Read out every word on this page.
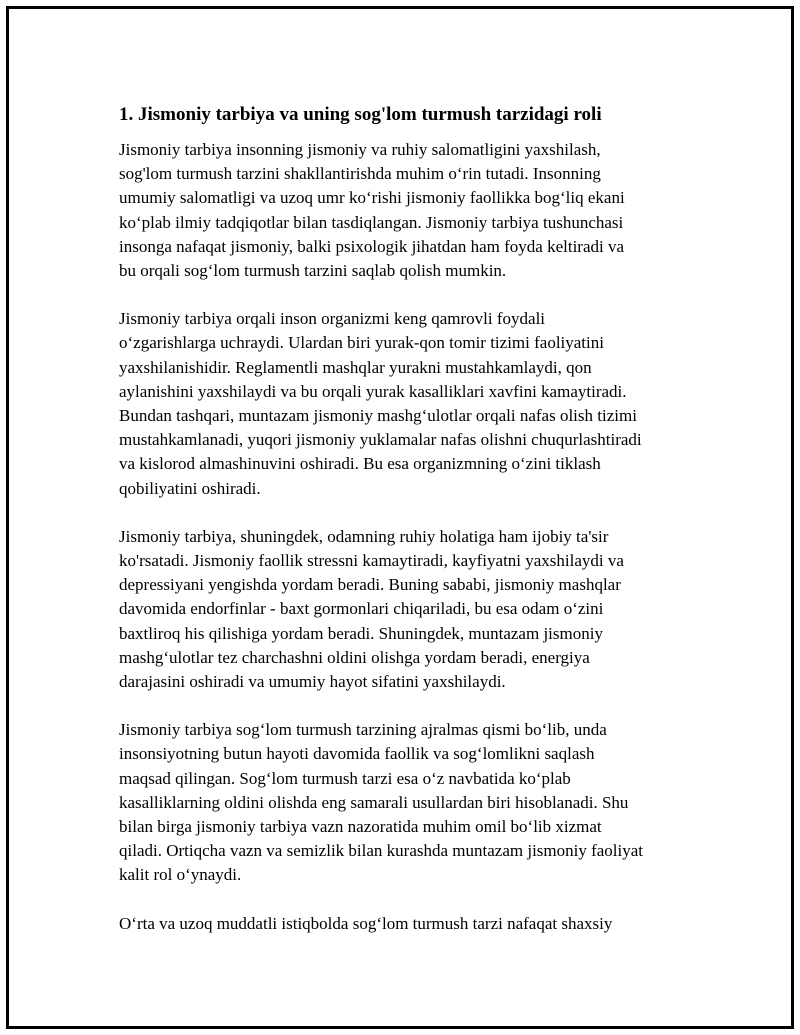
1. Jismoniy tarbiya va uning sog'lom turmush tarzidagi roli

Jismoniy tarbiya insonning jismoniy va ruhiy salomatligini yaxshilash,
sog'lom turmush tarzini shakllantirishda muhim o‘rin tutadi. Insonning
umumiy salomatligi va uzoq umr ko‘rishi jismoniy faollikka bog‘liq ekani
ko‘plab ilmiy tadqiqotlar bilan tasdiqlangan. Jismoniy tarbiya tushunchasi
insonga nafaqat jismoniy, balki psixologik jihatdan ham foyda keltiradi va
bu orqali sog‘lom turmush tarzini saqlab qolish mumkin.

Jismoniy tarbiya orqali inson organizmi keng qamrovli foydali
o‘zgarishlarga uchraydi. Ulardan biri yurak-qon tomir tizimi faoliyatini
yaxshilanishidir. Reglamentli mashqlar yurakni mustahkamlaydi, qon
aylanishini yaxshilaydi va bu orqali yurak kasalliklari xavfini kamaytiradi.
Bundan tashqari, muntazam jismoniy mashg‘ulotlar orqali nafas olish tizimi
mustahkamlanadi, yuqori jismoniy yuklamalar nafas olishni chuqurlashtiradi
va kislorod almashinuvini oshiradi. Bu esa organizmning o‘zini tiklash
qobiliyatini oshiradi.

Jismoniy tarbiya, shuningdek, odamning ruhiy holatiga ham ijobiy ta'sir
ko'rsatadi. Jismoniy faollik stressni kamaytiradi, kayfiyatni yaxshilaydi va
depressiyani yengishda yordam beradi. Buning sababi, jismoniy mashqlar
davomida endorfinlar - baxt gormonlari chiqariladi, bu esa odam o‘zini
baxtliroq his qilishiga yordam beradi. Shuningdek, muntazam jismoniy
mashg‘ulotlar tez charchashni oldini olishga yordam beradi, energiya
darajasini oshiradi va umumiy hayot sifatini yaxshilaydi.

Jismoniy tarbiya sog‘lom turmush tarzining ajralmas qismi bo‘lib, unda
insonsiyotning butun hayoti davomida faollik va sog‘lomlikni saqlash
maqsad qilingan. Sog‘lom turmush tarzi esa o‘z navbatida ko‘plab
kasalliklarning oldini olishda eng samarali usullardan biri hisoblanadi. Shu
bilan birga jismoniy tarbiya vazn nazoratida muhim omil bo‘lib xizmat
qiladi. Ortiqcha vazn va semizlik bilan kurashda muntazam jismoniy faoliyat
kalit rol o‘ynaydi.

O‘rta va uzoq muddatli istiqbolda sog‘lom turmush tarzi nafaqat shaxsiy
